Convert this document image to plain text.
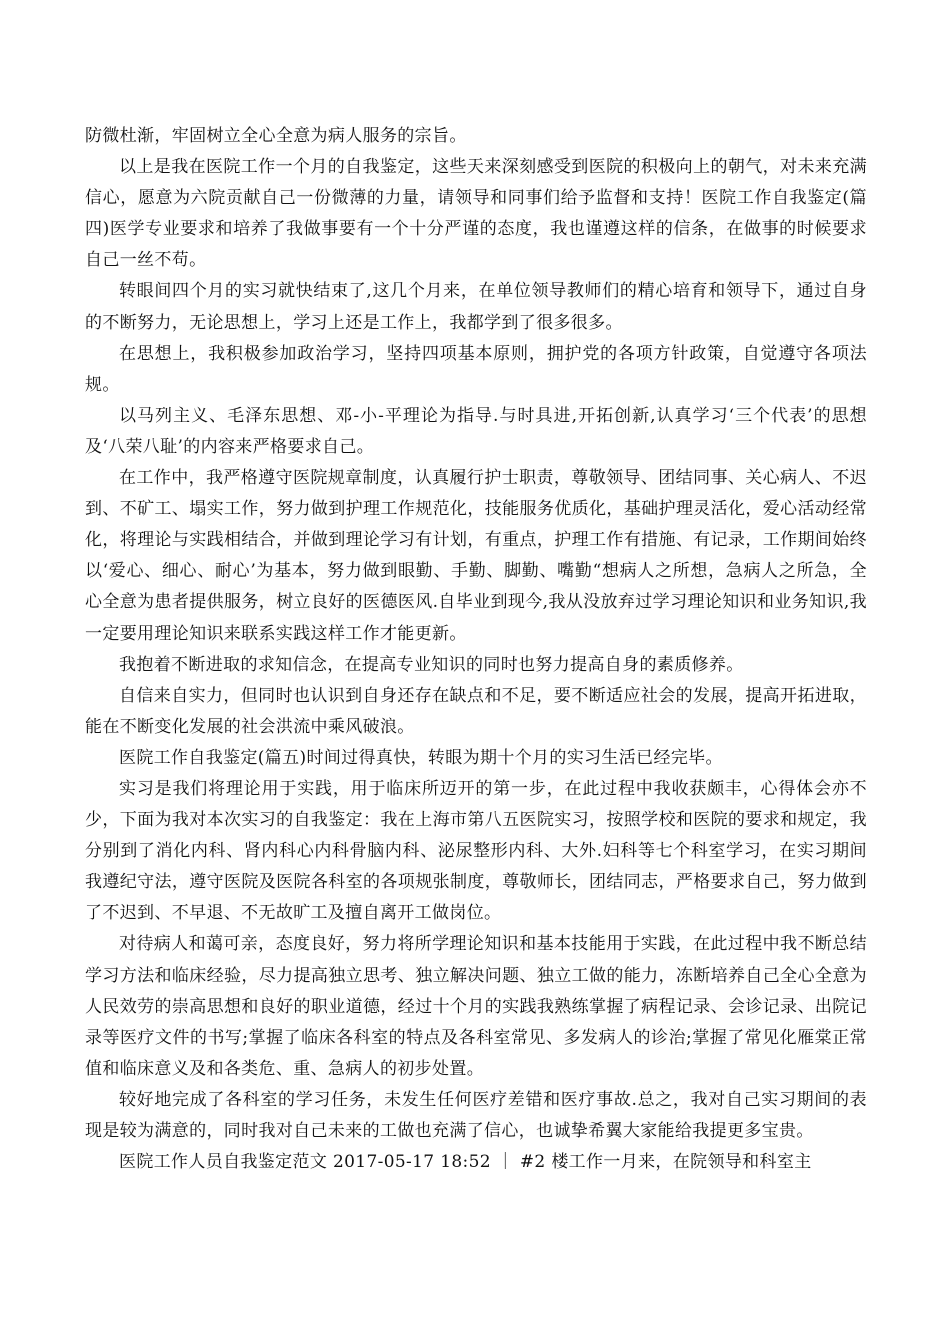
防微杜渐，牢固树立全心全意为病人服务的宗旨。

以上是我在医院工作一个月的自我鉴定，这些天来深刻感受到医院的积极向上的朝气，对未来充满信心，愿意为六院贡献自己一份微薄的力量，请领导和同事们给予监督和支持！医院工作自我鉴定(篇四)医学专业要求和培养了我做事要有一个十分严谨的态度，我也谨遵这样的信条，在做事的时候要求自己一丝不苟。

转眼间四个月的实习就快结束了,这几个月来，在单位领导教师们的精心培育和领导下，通过自身的不断努力，无论思想上，学习上还是工作上，我都学到了很多很多。

在思想上，我积极参加政治学习，坚持四项基本原则，拥护党的各项方针政策，自觉遵守各项法规。

以马列主义、毛泽东思想、邓-小-平理论为指导.与时具进,开拓创新,认真学习‘三个代表’的思想及‘八荣八耻’的内容来严格要求自己。

在工作中，我严格遵守医院规章制度，认真履行护士职责，尊敬领导、团结同事、关心病人、不迟到、不矿工、塌实工作，努力做到护理工作规范化，技能服务优质化，基础护理灵活化，爱心活动经常化，将理论与实践相结合，并做到理论学习有计划，有重点，护理工作有措施、有记录，工作期间始终以‘爱心、细心、耐心’为基本，努力做到眼勤、手勤、脚勤、嘴勤“想病人之所想，急病人之所急，全心全意为患者提供服务，树立良好的医德医风.自毕业到现今,我从没放弃过学习理论知识和业务知识,我一定要用理论知识来联系实践这样工作才能更新。

我抱着不断进取的求知信念，在提高专业知识的同时也努力提高自身的素质修养。

自信来自实力，但同时也认识到自身还存在缺点和不足，要不断适应社会的发展，提高开拓进取，能在不断变化发展的社会洪流中乘风破浪。

医院工作自我鉴定(篇五)时间过得真快，转眼为期十个月的实习生活已经完毕。

实习是我们将理论用于实践，用于临床所迈开的第一步，在此过程中我收获颇丰，心得体会亦不少，下面为我对本次实习的自我鉴定：我在上海市第八五医院实习，按照学校和医院的要求和规定，我分别到了消化内科、肾内科心内科骨脑内科、泌尿整形内科、大外.妇科等七个科室学习，在实习期间我遵纪守法，遵守医院及医院各科室的各项规张制度，尊敬师长，团结同志，严格要求自己，努力做到了不迟到、不早退、不无故旷工及擅自离开工做岗位。

对待病人和蔼可亲，态度良好，努力将所学理论知识和基本技能用于实践，在此过程中我不断总结学习方法和临床经验，尽力提高独立思考、独立解决问题、独立工做的能力，冻断培养自己全心全意为人民效劳的崇高思想和良好的职业道德，经过十个月的实践我熟练掌握了病程记录、会诊记录、出院记录等医疗文件的书写;掌握了临床各科室的特点及各科室常见、多发病人的诊治;掌握了常见化雁棠正常值和临床意义及和各类危、重、急病人的初步处置。

较好地完成了各科室的学习任务，未发生任何医疗差错和医疗事故.总之，我对自己实习期间的表现是较为满意的，同时我对自己未来的工做也充满了信心，也诚挚希翼大家能给我提更多宝贵。

医院工作人员自我鉴定范文 2017-05-17 18:52 ｜ #2 楼工作一月来，在院领导和科室主
